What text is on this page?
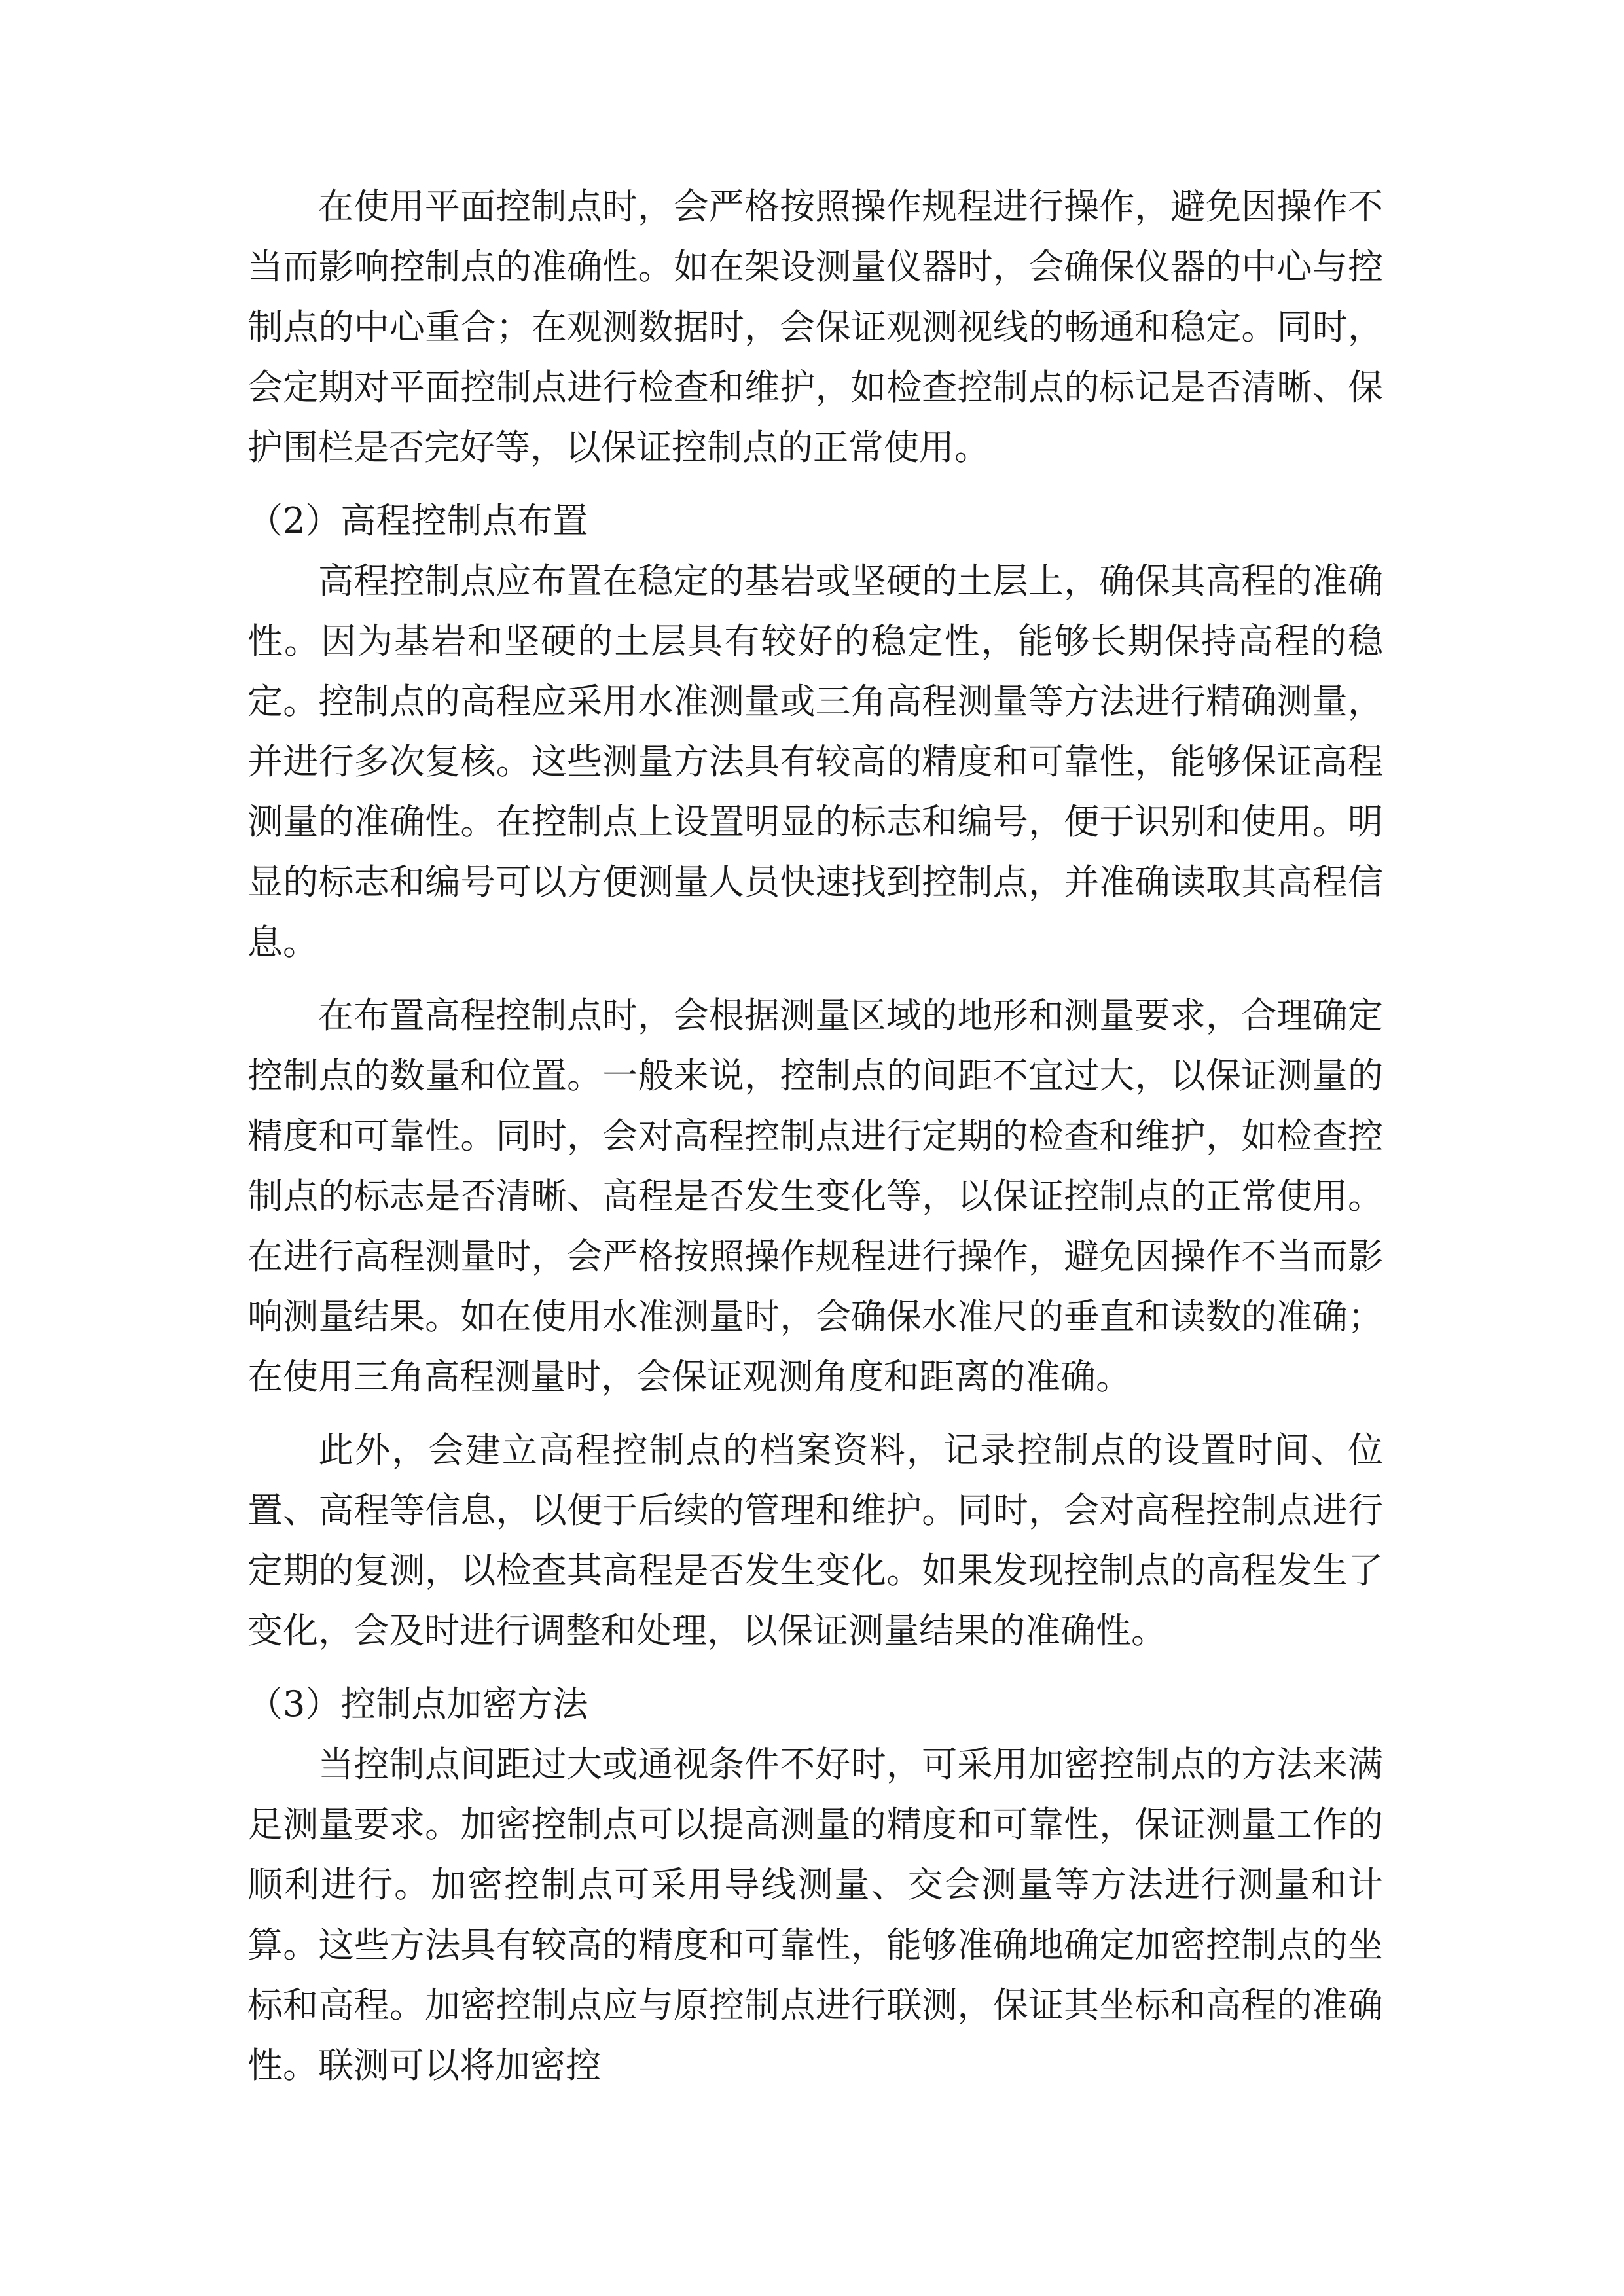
在使用平面控制点时，会严格按照操作规程进行操作，避免因操作不当而影响控制点的准确性。如在架设测量仪器时，会确保仪器的中心与控制点的中心重合；在观测数据时，会保证观测视线的畅通和稳定。同时，会定期对平面控制点进行检查和维护，如检查控制点的标记是否清晰、保护围栏是否完好等，以保证控制点的正常使用。

（2）高程控制点布置

高程控制点应布置在稳定的基岩或坚硬的土层上，确保其高程的准确性。因为基岩和坚硬的土层具有较好的稳定性，能够长期保持高程的稳定。控制点的高程应采用水准测量或三角高程测量等方法进行精确测量，并进行多次复核。这些测量方法具有较高的精度和可靠性，能够保证高程测量的准确性。在控制点上设置明显的标志和编号，便于识别和使用。明显的标志和编号可以方便测量人员快速找到控制点，并准确读取其高程信息。

在布置高程控制点时，会根据测量区域的地形和测量要求，合理确定控制点的数量和位置。一般来说，控制点的间距不宜过大，以保证测量的精度和可靠性。同时，会对高程控制点进行定期的检查和维护，如检查控制点的标志是否清晰、高程是否发生变化等，以保证控制点的正常使用。在进行高程测量时，会严格按照操作规程进行操作，避免因操作不当而影响测量结果。如在使用水准测量时，会确保水准尺的垂直和读数的准确；在使用三角高程测量时，会保证观测角度和距离的准确。

此外，会建立高程控制点的档案资料，记录控制点的设置时间、位置、高程等信息，以便于后续的管理和维护。同时，会对高程控制点进行定期的复测，以检查其高程是否发生变化。如果发现控制点的高程发生了变化，会及时进行调整和处理，以保证测量结果的准确性。

（3）控制点加密方法

当控制点间距过大或通视条件不好时，可采用加密控制点的方法来满足测量要求。加密控制点可以提高测量的精度和可靠性，保证测量工作的顺利进行。加密控制点可采用导线测量、交会测量等方法进行测量和计算。这些方法具有较高的精度和可靠性，能够准确地确定加密控制点的坐标和高程。加密控制点应与原控制点进行联测，保证其坐标和高程的准确性。联测可以将加密控
